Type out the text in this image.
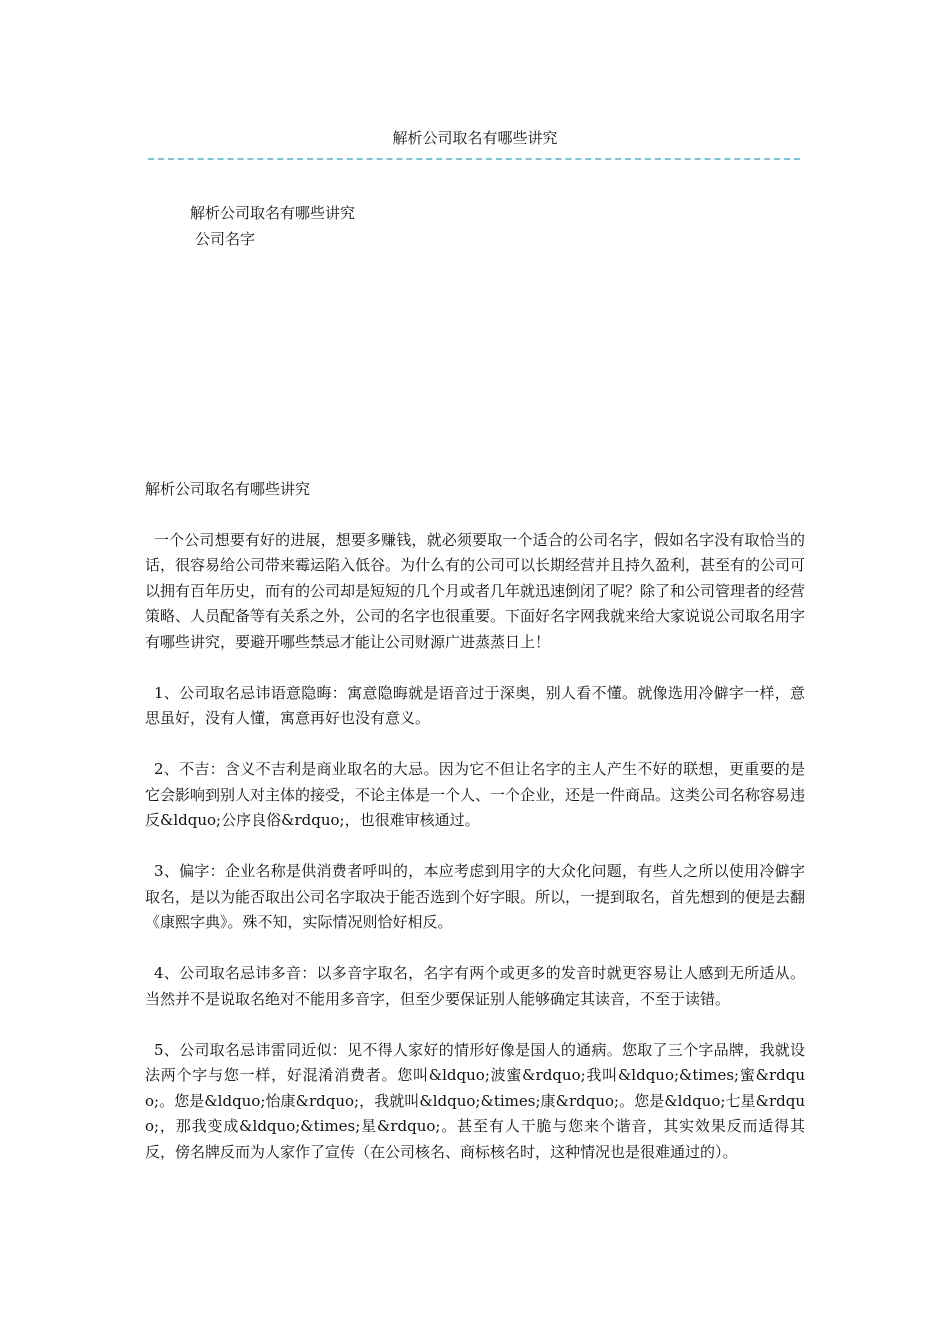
解析公司取名有哪些讲究
解析公司取名有哪些讲究
公司名字

解析公司取名有哪些讲究

一个公司想要有好的进展，想要多赚钱，就必须要取一个适合的公司名字，假如名字没有取恰当的话，很容易给公司带来霉运陷入低谷。为什么有的公司可以长期经营并且持久盈利，甚至有的公司可以拥有百年历史，而有的公司却是短短的几个月或者几年就迅速倒闭了呢？除了和公司管理者的经营策略、人员配备等有关系之外，公司的名字也很重要。下面好名字网我就来给大家说说公司取名用字有哪些讲究，要避开哪些禁忌才能让公司财源广进蒸蒸日上！

1、公司取名忌讳语意隐晦：寓意隐晦就是语音过于深奥，别人看不懂。就像选用冷僻字一样，意思虽好，没有人懂，寓意再好也没有意义。

2、不吉：含义不吉利是商业取名的大忌。因为它不但让名字的主人产生不好的联想，更重要的是它会影响到别人对主体的接受，不论主体是一个人、一个企业，还是一件商品。这类公司名称容易违反&ldquo;公序良俗&rdquo;，也很难审核通过。

3、偏字：企业名称是供消费者呼叫的，本应考虑到用字的大众化问题，有些人之所以使用冷僻字取名，是以为能否取出公司名字取决于能否选到个好字眼。所以，一提到取名，首先想到的便是去翻《康熙字典》。殊不知，实际情况则恰好相反。

4、公司取名忌讳多音：以多音字取名，名字有两个或更多的发音时就更容易让人感到无所适从。当然并不是说取名绝对不能用多音字，但至少要保证别人能够确定其读音，不至于读错。

5、公司取名忌讳雷同近似：见不得人家好的情形好像是国人的通病。您取了三个字品牌，我就设法两个字与您一样，好混淆消费者。您叫&ldquo;波蜜&rdquo;我叫&ldquo;&times;蜜&rdquo;。您是&ldquo;怡康&rdquo;，我就叫&ldquo;&times;康&rdquo;。您是&ldquo;七星&rdquo;，那我变成&ldquo;&times;星&rdquo;。甚至有人干脆与您来个谐音，其实效果反而适得其反，傍名牌反而为人家作了宣传（在公司核名、商标核名时，这种情况也是很难通过的）。
